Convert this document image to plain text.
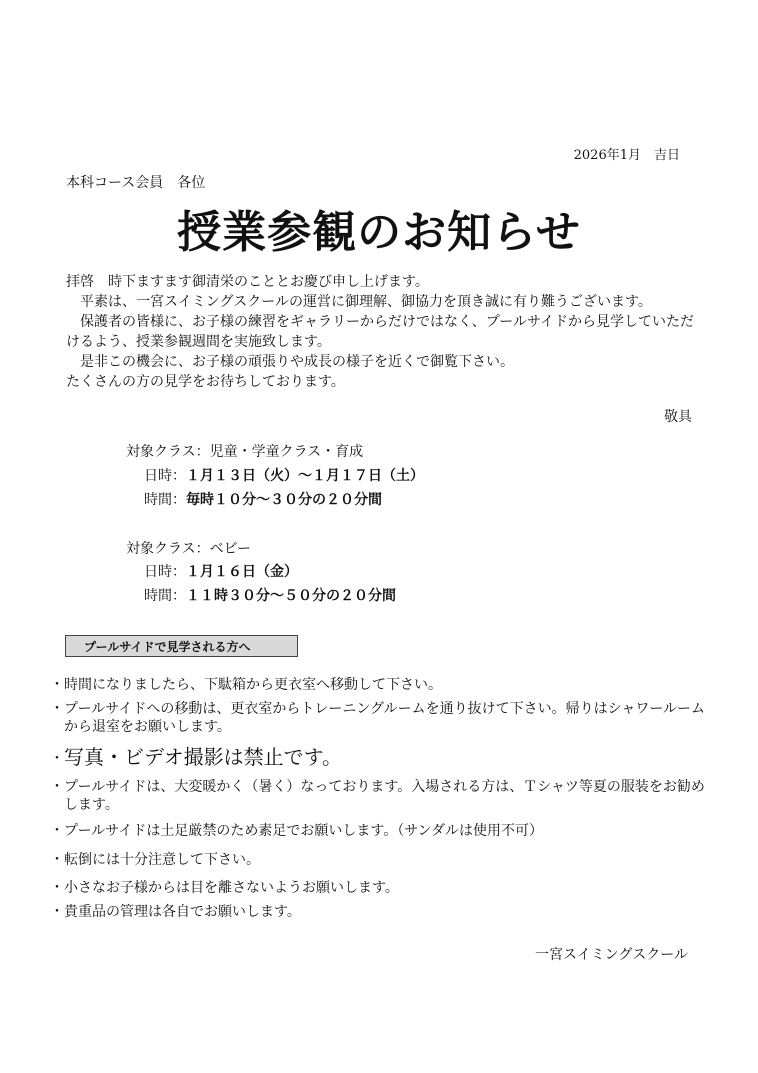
2026年1月　吉日
本科コース会員　各位
授業参観のお知らせ

拝啓　時下ますます御清栄のこととお慶び申し上げます。

平素は、一宮スイミングスクールの運営に御理解、御協力を頂き誠に有り難うございます。

保護者の皆様に、お子様の練習をギャラリーからだけではなく、プールサイドから見学していただけるよう、授業参観週間を実施致します。

是非この機会に、お子様の頑張りや成長の様子を近くで御覧下さい。

たくさんの方の見学をお待ちしております。

敬具
対象クラス：児童・学童クラス・育成
日時：１月１３日（火）～１月１７日（土）
時間：毎時１０分～３０分の２０分間
対象クラス：ベビー
日時：１月１６日（金）
時間：１１時３０分～５０分の２０分間
プールサイドで見学される方へ
・ 時間になりましたら、下駄箱から更衣室へ移動して下さい。
・ プールサイドへの移動は、更衣室からトレーニングルームを通り抜けて下さい。帰りはシャワールームから退室をお願いします。
・ 写真・ビデオ撮影は禁止です。
・ プールサイドは、大変暖かく（暑く）なっております。入場される方は、Ｔシャツ等夏の服装をお勧めします。
・ プールサイドは土足厳禁のため素足でお願いします。（サンダルは使用不可）
・ 転倒には十分注意して下さい。
・ 小さなお子様からは目を離さないようお願いします。
・ 貴重品の管理は各自でお願いします。
一宮スイミングスクール
